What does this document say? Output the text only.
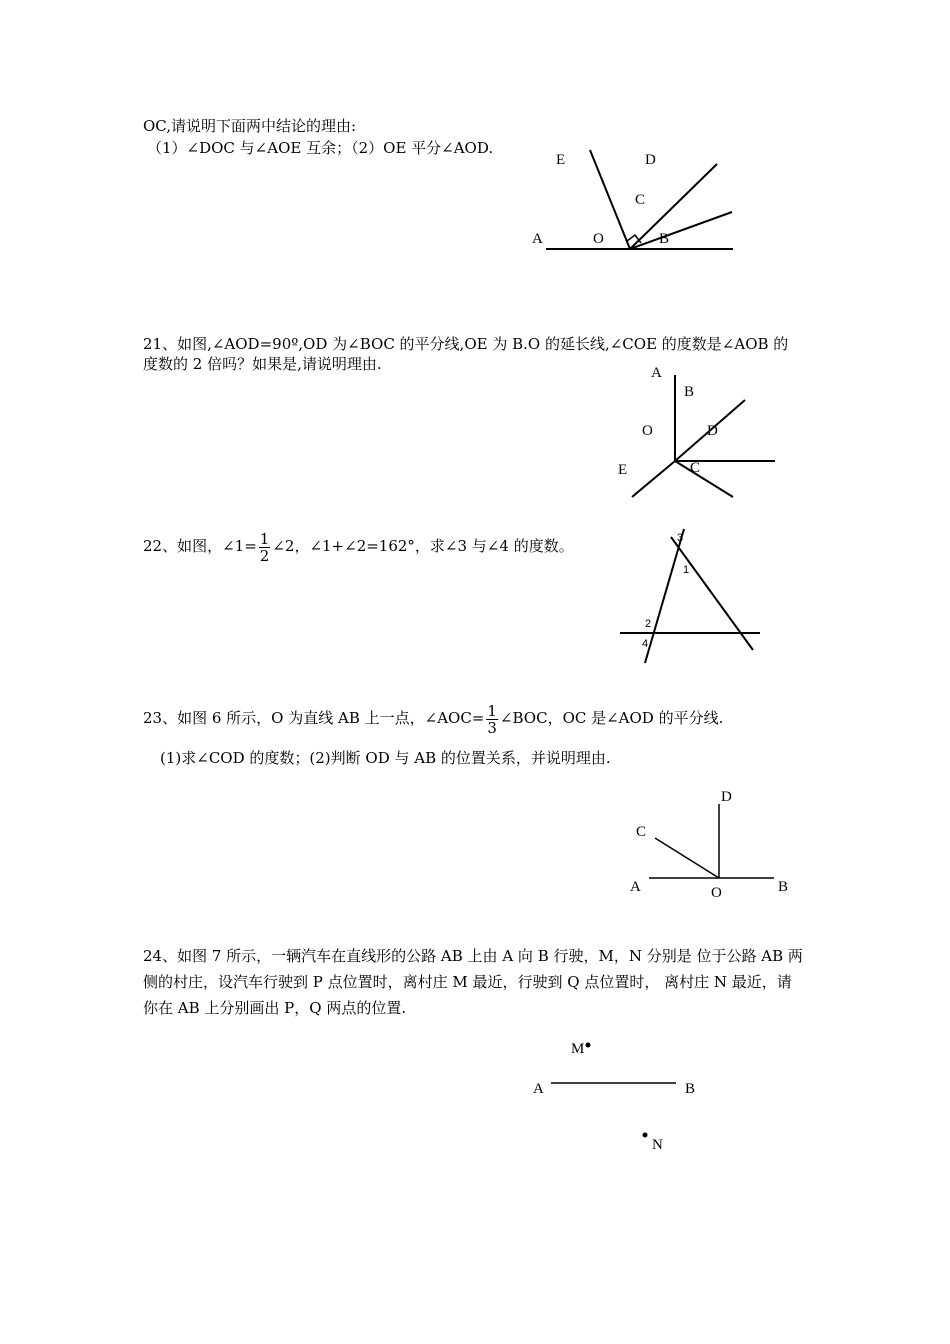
OC,请说明下面两中结论的理由:
（1）∠DOC 与∠AOE 互余；（2）OE 平分∠AOD.
E	D
C
A	O	B
A
B
O	D
E	C
3
1
2
4
D
C
A	O	B
M
A	B
N
21、如图,∠AOD=90º,OD 为∠BOC 的平分线,OE 为 B.O 的延长线,∠COE 的度数是∠AOB 的
度数的 2 倍吗？如果是,请说明理由.
22、如图，∠1= $\frac{1}{2}$ ∠2，∠1+∠2=162°，求∠3 与∠4 的度数。
23、如图 6 所示，O 为直线 AB 上一点，∠AOC= $\frac{1}{3}$ ∠BOC，OC 是∠AOD 的平分线.
(1)求∠COD 的度数；(2)判断 OD 与 AB 的位置关系，并说明理由.
24、如图 7 所示，一辆汽车在直线形的公路 AB 上由 A 向 B 行驶，M，N 分别是 位于公路 AB 两
侧的村庄，设汽车行驶到 P 点位置时，离村庄 M 最近，行驶到 Q 点位置时， 离村庄 N 最近，请
你在 AB 上分别画出 P，Q 两点的位置.
